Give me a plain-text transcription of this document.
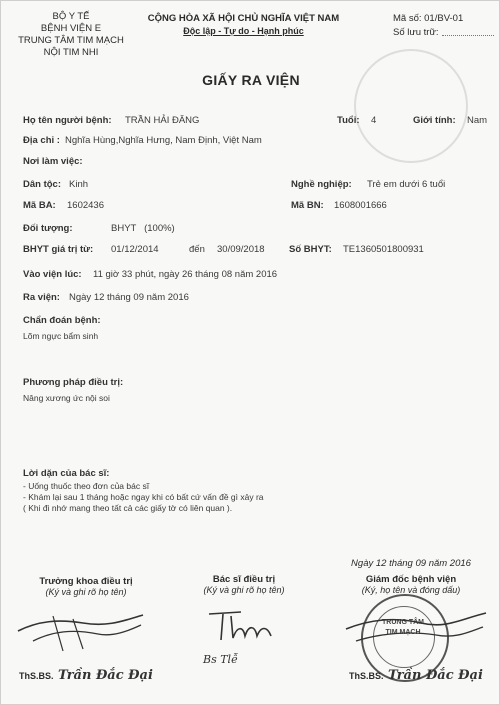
BỘ Y TẾ
BỆNH VIỆN E
TRUNG TÂM TIM MẠCH
NỘI TIM NHI
CỘNG HÒA XÃ HỘI CHỦ NGHĨA VIỆT NAM
Độc lập - Tự do - Hạnh phúc
Mã số: 01/BV-01
Số lưu trữ:
GIẤY RA VIỆN
Họ tên người bệnh: TRẦN HẢI ĐĂNG	Tuổi: 4	Giới tính: Nam
Địa chỉ : Nghĩa Hùng,Nghĩa Hưng, Nam Định, Việt Nam
Nơi làm việc:
Dân tộc: Kinh	Nghề nghiệp: Trẻ em dưới 6 tuổi
Mã BA: 1602436	Mã BN: 1608001666
Đối tượng:	BHYT   (100%)
BHYT giá trị từ: 01/12/2014	đến 30/09/2018	Số BHYT: TE1360501800931
Vào viện lúc: 11 giờ 33 phút, ngày 26 tháng 08 năm 2016
Ra viện: Ngày 12 tháng 09 năm 2016
Chẩn đoán bệnh:
Lõm ngực bẩm sinh
Phương pháp điều trị:
Nâng xương ức nội soi
Lời dặn của bác sĩ:
- Uống thuốc theo đơn của bác sĩ
- Khám lại sau 1 tháng hoặc ngay khi có bất cứ vấn đề gì xảy ra
( Khi đi nhớ mang theo tất cả các giấy tờ có liên quan ).
Ngày 12 tháng 09 năm 2016
Trưởng khoa điều trị
(Ký và ghi rõ họ tên)
Bác sĩ điều trị
(Ký và ghi rõ họ tên)
Giám đốc bệnh viện
(Ký, họ tên và đóng dấu)
Bs Tlễ
TRUNG TÂM
TIM MẠCH
ThS.BS. Trần Đắc Đại	ThS.BS. Trần Đắc Đại
